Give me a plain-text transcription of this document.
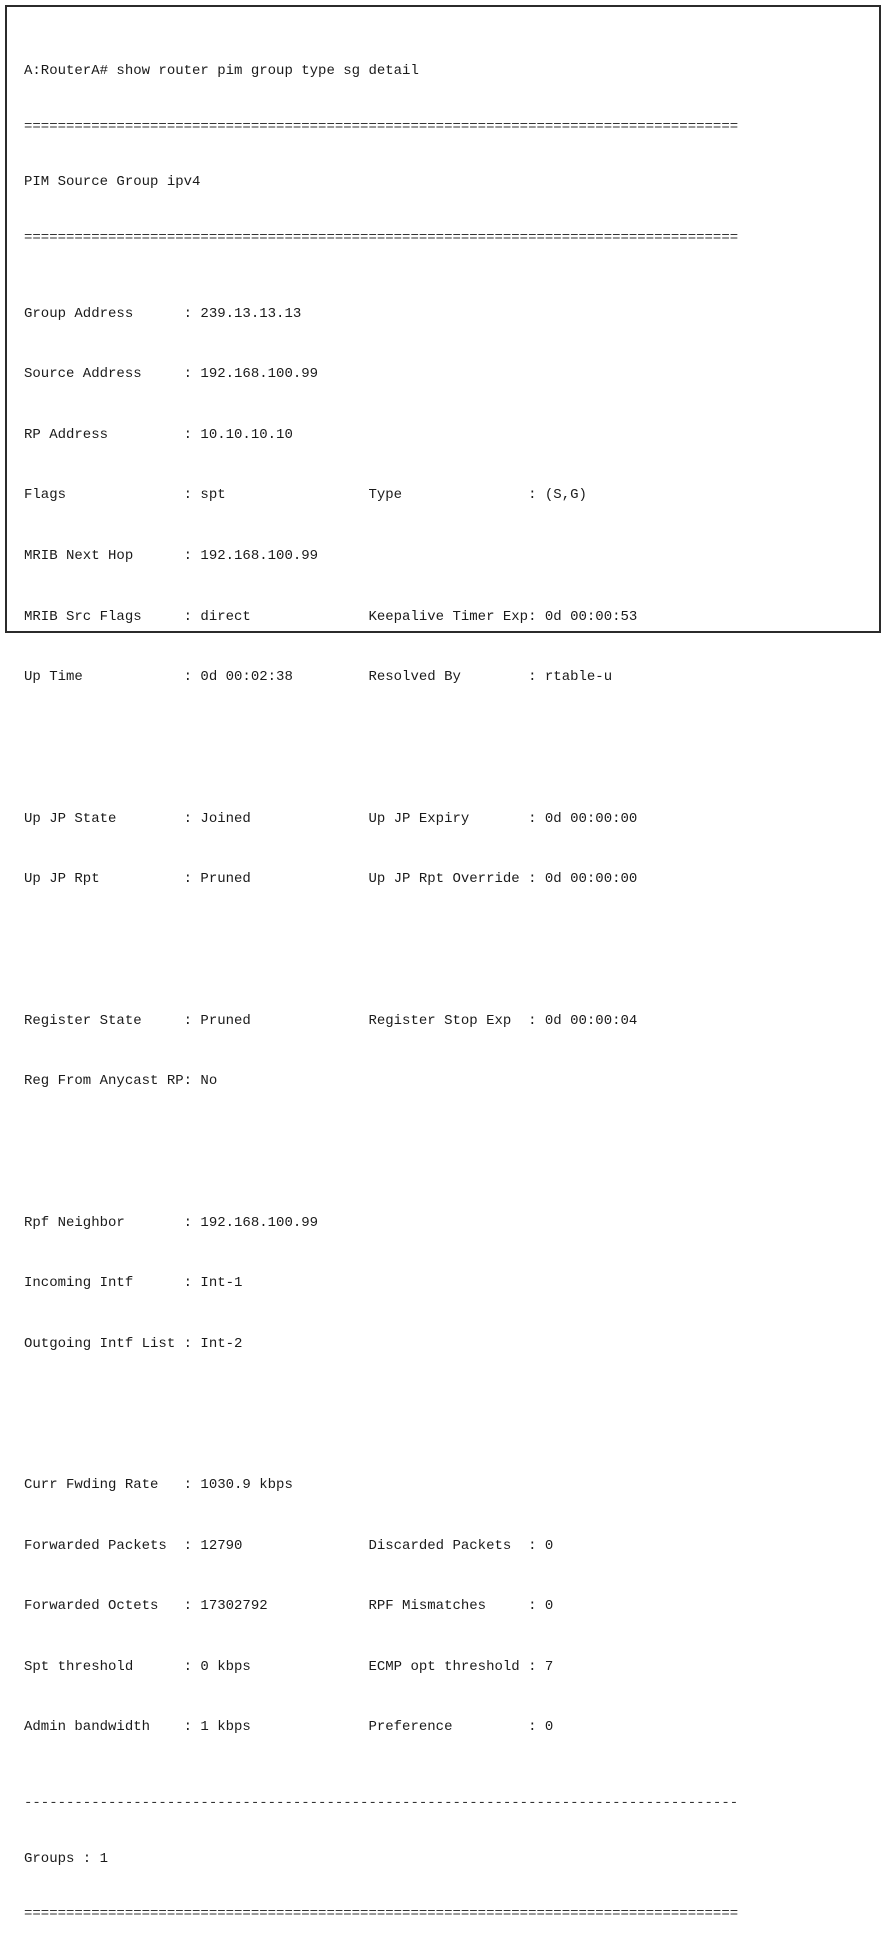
A:RouterA# show router pim group type sg detail

=====================================================================================

PIM Source Group ipv4

=====================================================================================

Group Address      : 239.13.13.13

Source Address     : 192.168.100.99

RP Address         : 10.10.10.10

Flags              : spt                 Type               : (S,G)

MRIB Next Hop      : 192.168.100.99

MRIB Src Flags     : direct              Keepalive Timer Exp: 0d 00:00:53

Up Time            : 0d 00:02:38         Resolved By        : rtable-u

Up JP State        : Joined              Up JP Expiry       : 0d 00:00:00

Up JP Rpt          : Pruned              Up JP Rpt Override : 0d 00:00:00

Register State     : Pruned              Register Stop Exp  : 0d 00:00:04

Reg From Anycast RP: No

Rpf Neighbor       : 192.168.100.99

Incoming Intf      : Int-1

Outgoing Intf List : Int-2

Curr Fwding Rate   : 1030.9 kbps

Forwarded Packets  : 12790               Discarded Packets  : 0

Forwarded Octets   : 17302792            RPF Mismatches     : 0

Spt threshold      : 0 kbps              ECMP opt threshold : 7

Admin bandwidth    : 1 kbps              Preference         : 0

-------------------------------------------------------------------------------------

Groups : 1

=====================================================================================
